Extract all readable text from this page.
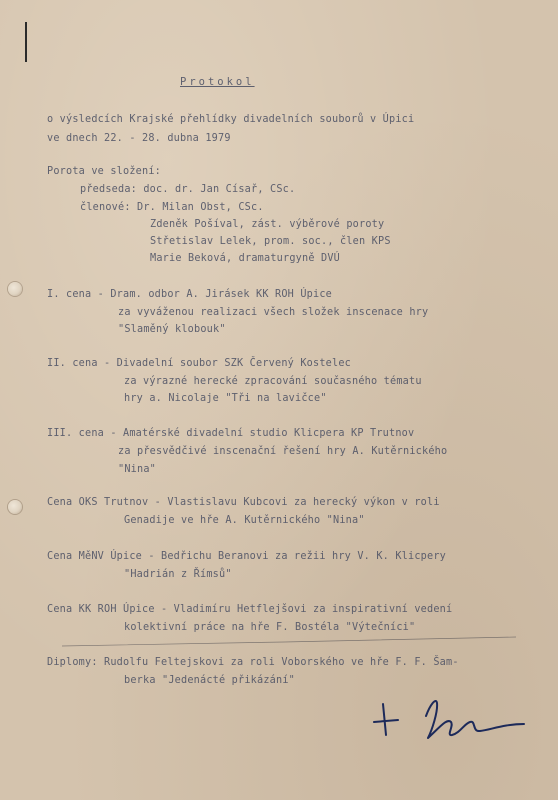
Protokol
o výsledcích Krajské přehlídky divadelních souborů v Úpici
ve dnech 22. - 28. dubna 1979
Porota ve složení:
předseda: doc. dr. Jan Císař, CSc.
členové: Dr. Milan Obst, CSc.
Zdeněk Pošíval, zást. výběrové poroty
Střetislav Lelek, prom. soc., člen KPS
Marie Beková, dramaturgyně DVÚ
I. cena - Dram. odbor A. Jirásek KK ROH Úpice
za vyváženou realizaci všech složek inscenace hry
"Slaměný klobouk"
II. cena - Divadelní soubor SZK Červený Kostelec
za výrazné herecké zpracování současného tématu
hry a. Nicolaje "Tři na lavičce"
III. cena - Amatérské divadelní studio Klicpera KP Trutnov
za přesvědčivé inscenační řešení hry A. Kutěrnického
"Nina"
Cena OKS Trutnov - Vlastislavu Kubcovi za herecký výkon v roli
Genadije ve hře A. Kutěrnického "Nina"
Cena MěNV Úpice - Bedřichu Beranovi za režii hry V. K. Klicpery
"Hadrián z Římsů"
Cena KK ROH Úpice - Vladimíru Hetflejšovi za inspirativní vedení
kolektivní práce na hře F. Bostéla "Výtečníci"
Diplomy: Rudolfu Feltejskovi za roli Voborského ve hře F. F. Šam-
berka "Jedenácté přikázání"
